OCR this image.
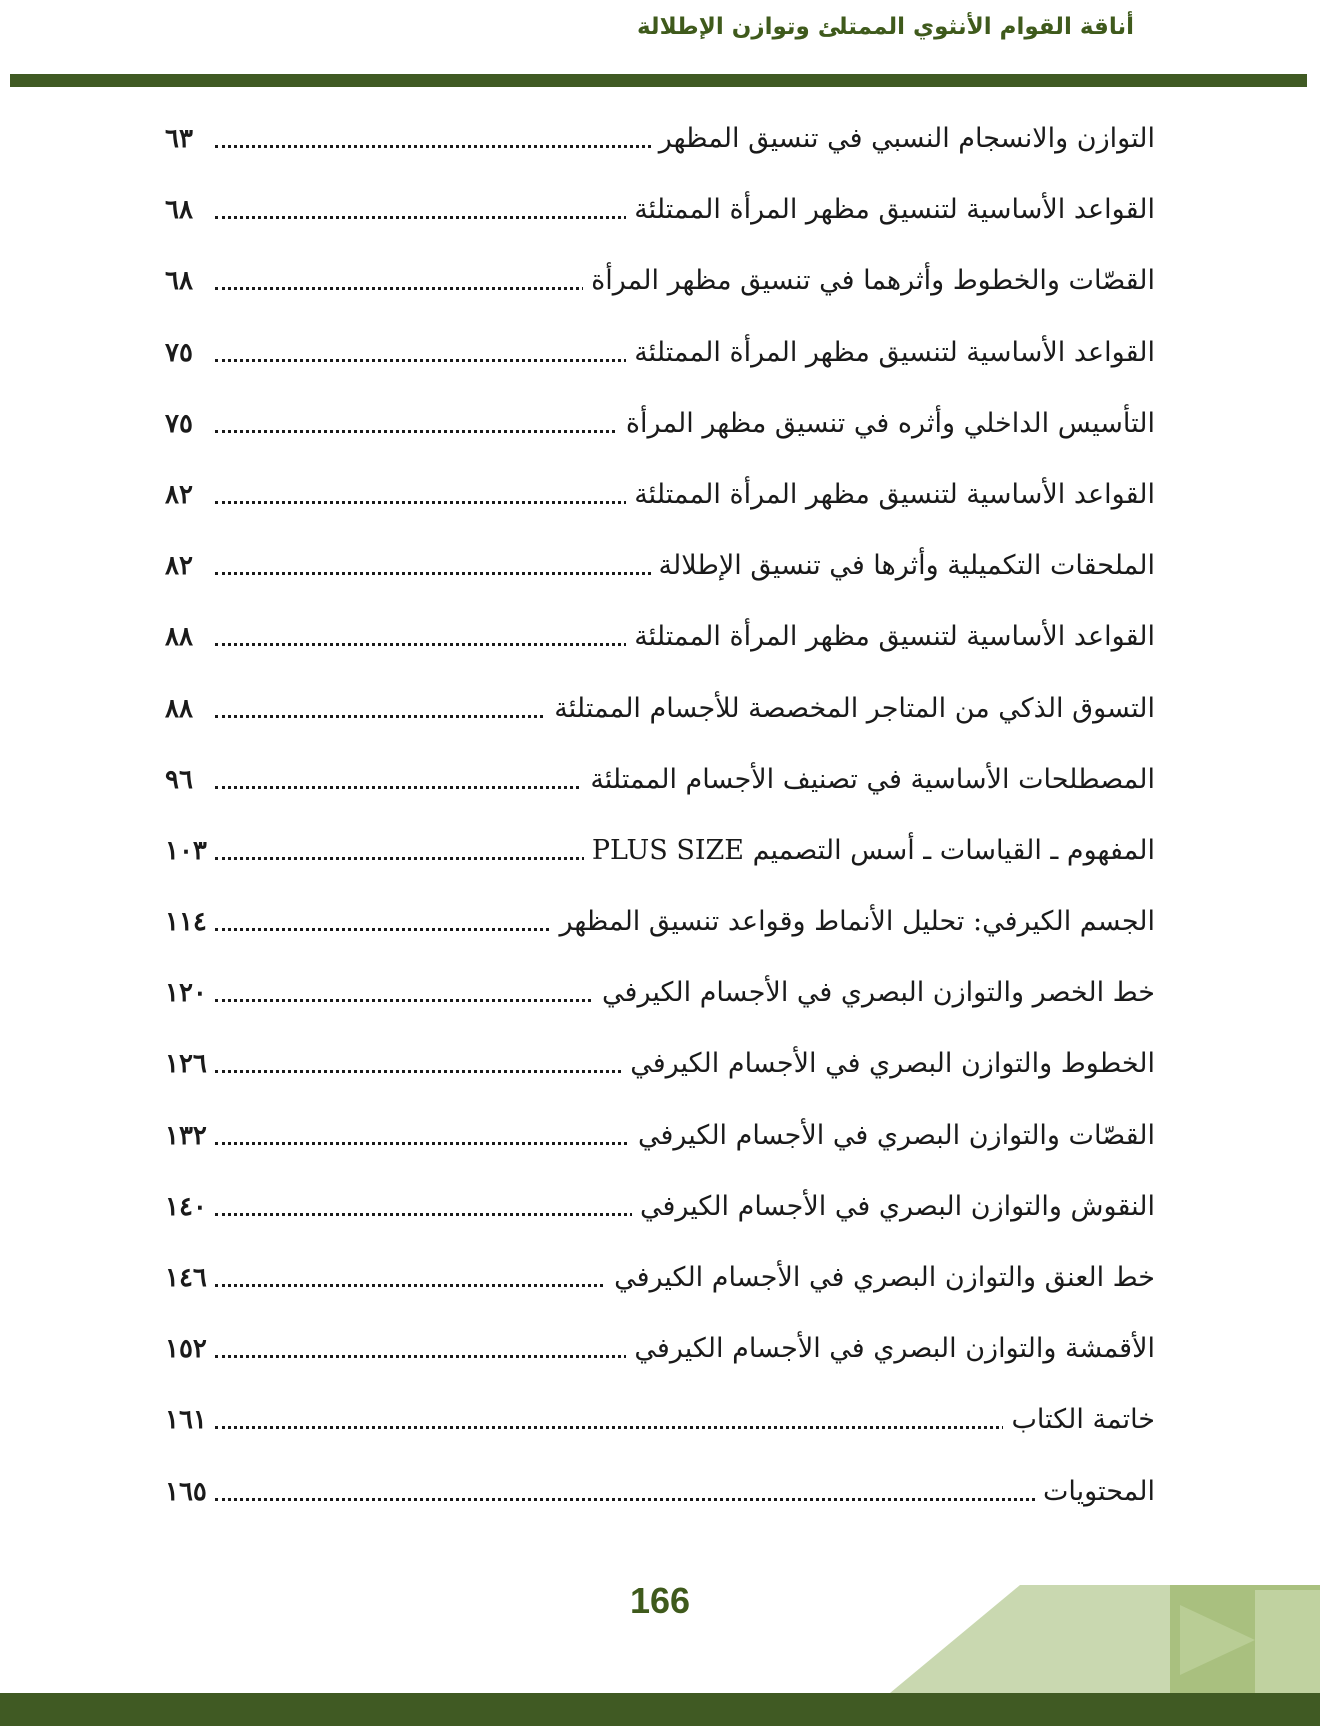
أناقة القوام الأنثوي الممتلئ وتوازن الإطلالة
التوازن والانسجام النسبي في تنسيق المظهر
٦٣
القواعد الأساسية لتنسيق مظهر المرأة الممتلئة
٦٨
القصّات والخطوط وأثرهما في تنسيق مظهر المرأة
٦٨
القواعد الأساسية لتنسيق مظهر المرأة الممتلئة
٧٥
التأسيس الداخلي وأثره في تنسيق مظهر المرأة
٧٥
القواعد الأساسية لتنسيق مظهر المرأة الممتلئة
٨٢
الملحقات التكميلية وأثرها في تنسيق الإطلالة
٨٢
القواعد الأساسية لتنسيق مظهر المرأة الممتلئة
٨٨
التسوق الذكي من المتاجر المخصصة للأجسام الممتلئة
٨٨
المصطلحات الأساسية في تصنيف الأجسام الممتلئة
٩٦
المفهوم ـ القياسات ـ أسس التصميم PLUS SIZE
١٠٣
الجسم الكيرفي: تحليل الأنماط وقواعد تنسيق المظهر
١١٤
خط الخصر والتوازن البصري في الأجسام الكيرفي
١٢٠
الخطوط والتوازن البصري في الأجسام الكيرفي
١٢٦
القصّات والتوازن البصري في الأجسام الكيرفي
١٣٢
النقوش والتوازن البصري في الأجسام الكيرفي
١٤٠
خط العنق والتوازن البصري في الأجسام الكيرفي
١٤٦
الأقمشة والتوازن البصري في الأجسام الكيرفي
١٥٢
خاتمة الكتاب
١٦١
المحتويات
١٦٥
166
